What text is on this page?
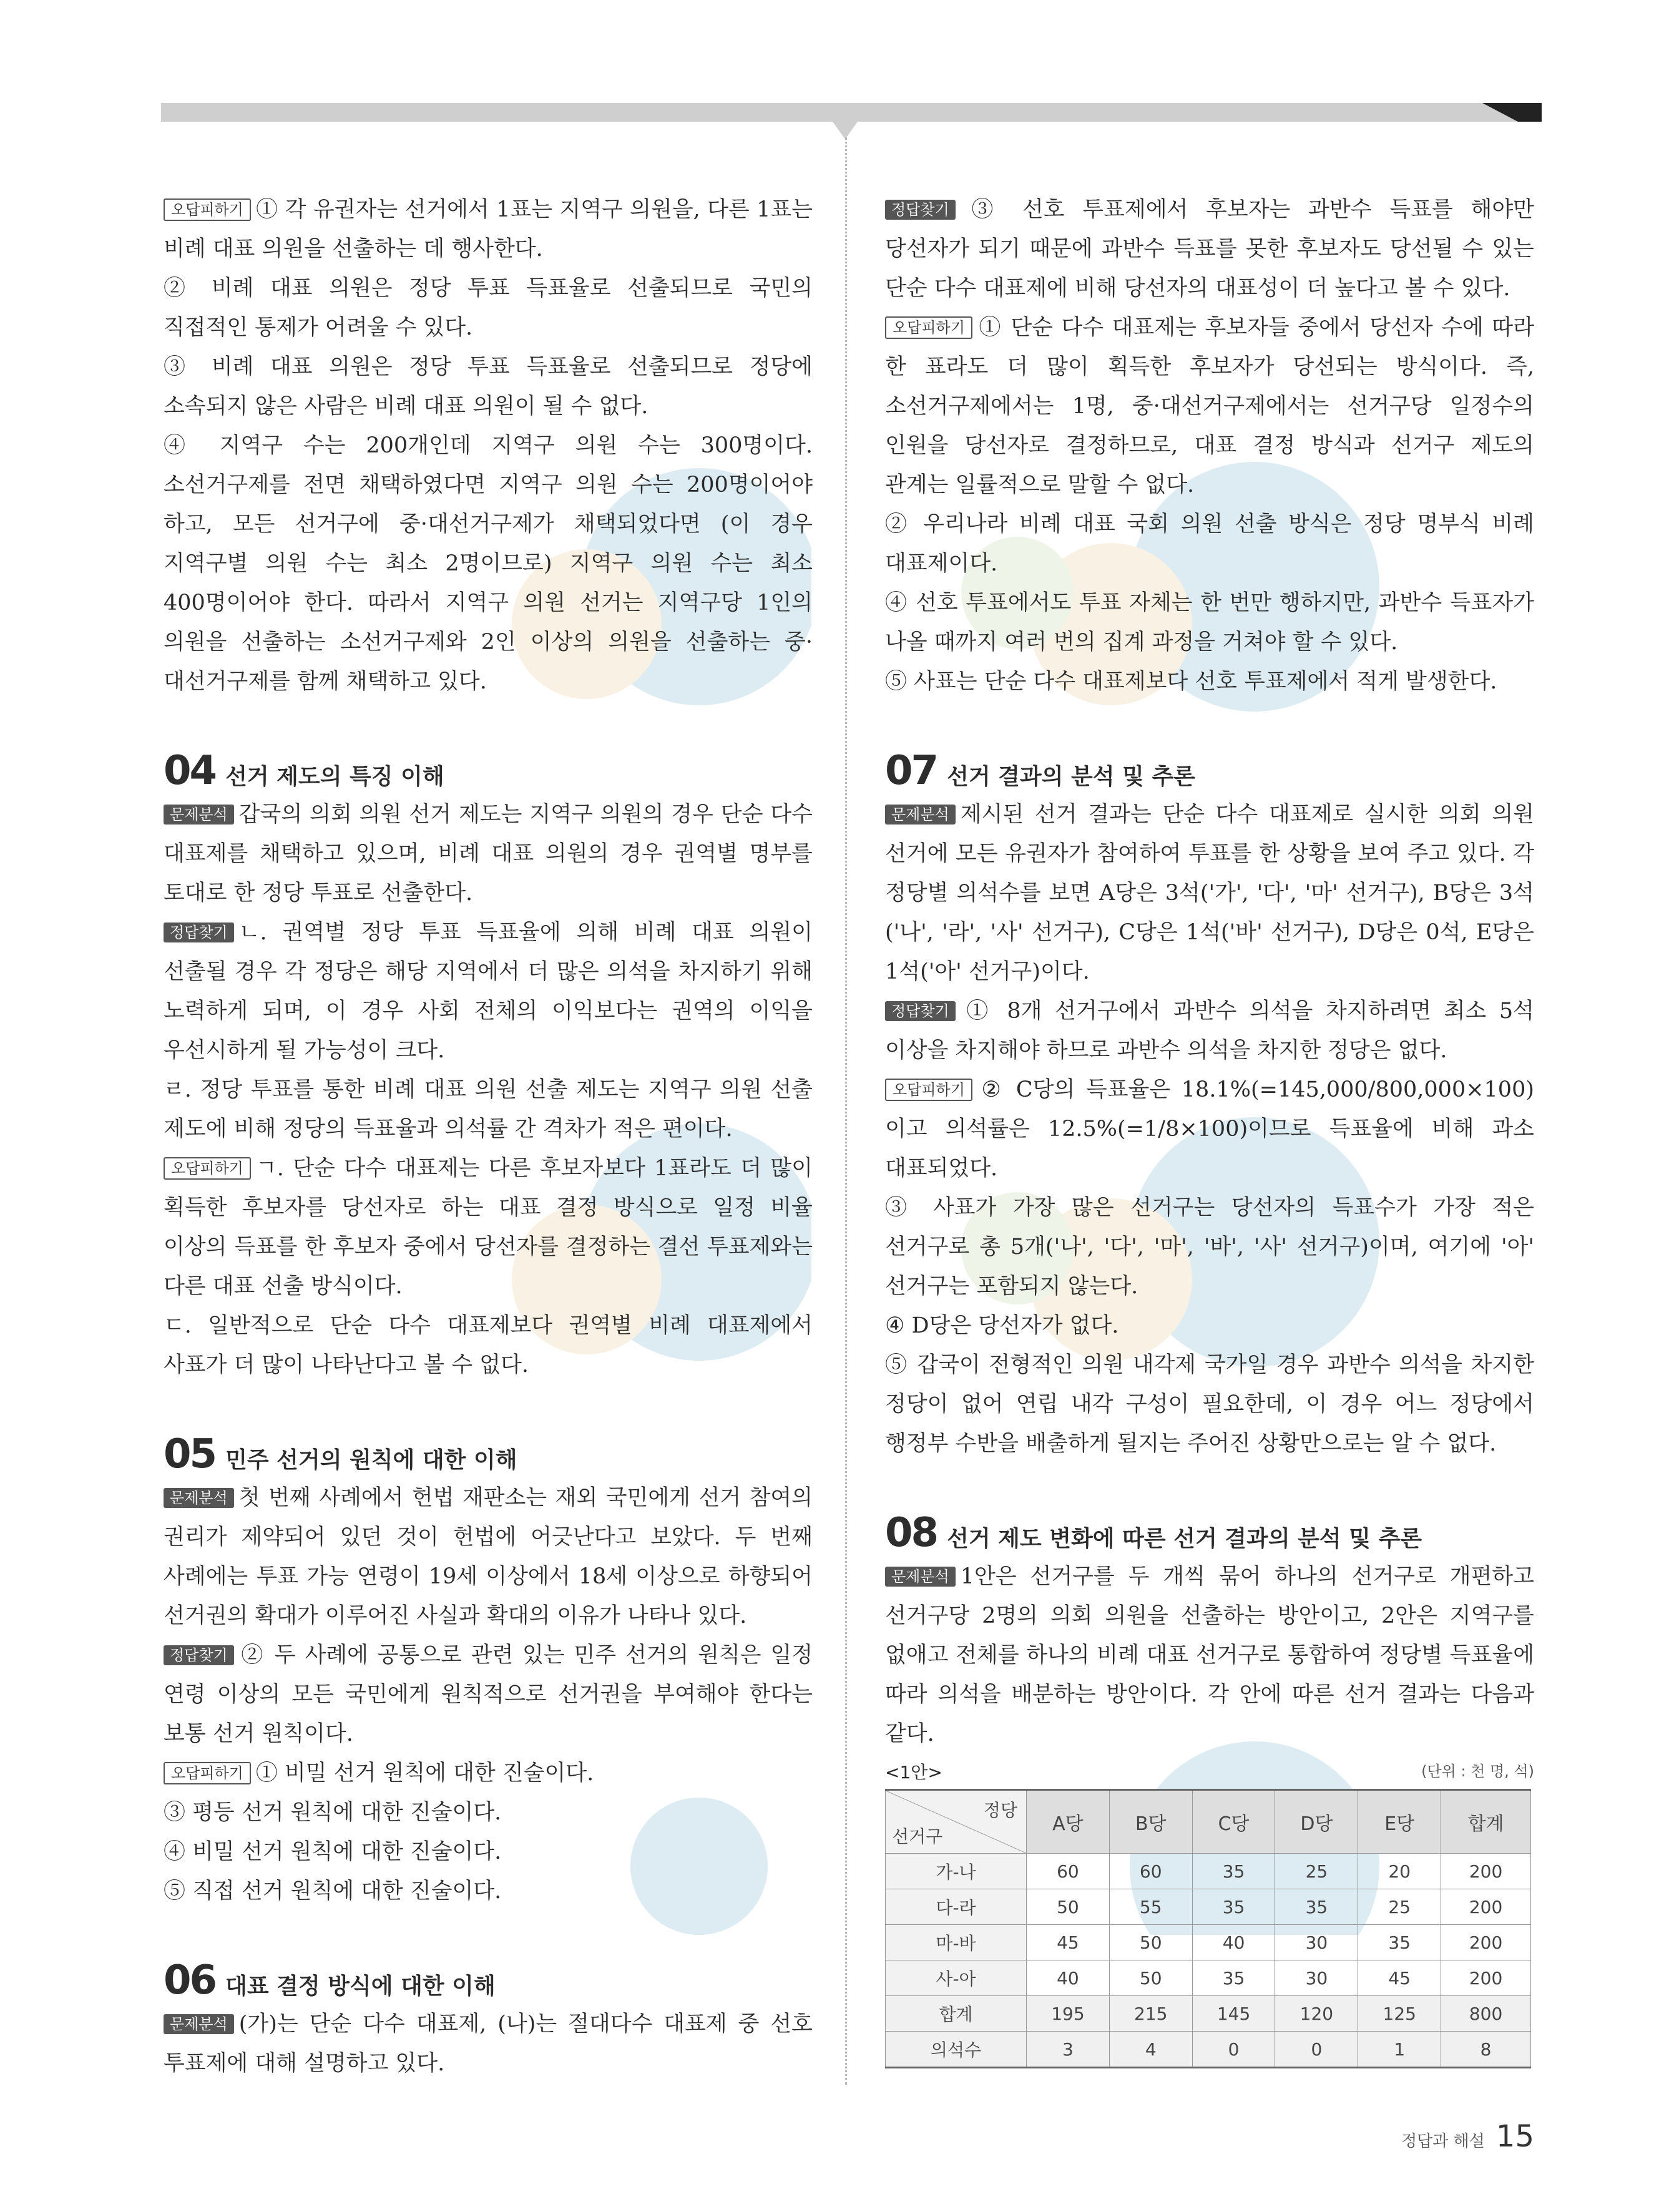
오답피하기 ① 각 유권자는 선거에서 1표는 지역구 의원을, 다른 1표는 비례 대표 의원을 선출하는 데 행사한다.

② 비례 대표 의원은 정당 투표 득표율로 선출되므로 국민의 직접적인 통제가 어려울 수 있다.

③ 비례 대표 의원은 정당 투표 득표율로 선출되므로 정당에 소속되지 않은 사람은 비례 대표 의원이 될 수 없다.

④ 지역구 수는 200개인데 지역구 의원 수는 300명이다. 소선거구제를 전면 채택하였다면 지역구 의원 수는 200명이어야 하고, 모든 선거구에 중·대선거구제가 채택되었다면 (이 경우 지역구별 의원 수는 최소 2명이므로) 지역구 의원 수는 최소 400명이어야 한다. 따라서 지역구 의원 선거는 지역구당 1인의 의원을 선출하는 소선거구제와 2인 이상의 의원을 선출하는 중·대선거구제를 함께 채택하고 있다.

04 선거 제도의 특징 이해

문제분석 갑국의 의회 의원 선거 제도는 지역구 의원의 경우 단순 다수 대표제를 채택하고 있으며, 비례 대표 의원의 경우 권역별 명부를 토대로 한 정당 투표로 선출한다.

정답찾기 ㄴ. 권역별 정당 투표 득표율에 의해 비례 대표 의원이 선출될 경우 각 정당은 해당 지역에서 더 많은 의석을 차지하기 위해 노력하게 되며, 이 경우 사회 전체의 이익보다는 권역의 이익을 우선시하게 될 가능성이 크다.

ㄹ. 정당 투표를 통한 비례 대표 의원 선출 제도는 지역구 의원 선출 제도에 비해 정당의 득표율과 의석률 간 격차가 적은 편이다.

오답피하기 ㄱ. 단순 다수 대표제는 다른 후보자보다 1표라도 더 많이 획득한 후보자를 당선자로 하는 대표 결정 방식으로 일정 비율 이상의 득표를 한 후보자 중에서 당선자를 결정하는 결선 투표제와는 다른 대표 선출 방식이다.

ㄷ. 일반적으로 단순 다수 대표제보다 권역별 비례 대표제에서 사표가 더 많이 나타난다고 볼 수 없다.

05 민주 선거의 원칙에 대한 이해

문제분석 첫 번째 사례에서 헌법 재판소는 재외 국민에게 선거 참여의 권리가 제약되어 있던 것이 헌법에 어긋난다고 보았다. 두 번째 사례에는 투표 가능 연령이 19세 이상에서 18세 이상으로 하향되어 선거권의 확대가 이루어진 사실과 확대의 이유가 나타나 있다.

정답찾기 ② 두 사례에 공통으로 관련 있는 민주 선거의 원칙은 일정 연령 이상의 모든 국민에게 원칙적으로 선거권을 부여해야 한다는 보통 선거 원칙이다.

오답피하기 ① 비밀 선거 원칙에 대한 진술이다.

③ 평등 선거 원칙에 대한 진술이다.

④ 비밀 선거 원칙에 대한 진술이다.

⑤ 직접 선거 원칙에 대한 진술이다.

06 대표 결정 방식에 대한 이해

문제분석 (가)는 단순 다수 대표제, (나)는 절대다수 대표제 중 선호 투표제에 대해 설명하고 있다.

정답찾기 ③ 선호 투표제에서 후보자는 과반수 득표를 해야만 당선자가 되기 때문에 과반수 득표를 못한 후보자도 당선될 수 있는 단순 다수 대표제에 비해 당선자의 대표성이 더 높다고 볼 수 있다.

오답피하기 ① 단순 다수 대표제는 후보자들 중에서 당선자 수에 따라 한 표라도 더 많이 획득한 후보자가 당선되는 방식이다. 즉, 소선거구제에서는 1명, 중·대선거구제에서는 선거구당 일정수의 인원을 당선자로 결정하므로, 대표 결정 방식과 선거구 제도의 관계는 일률적으로 말할 수 없다.

② 우리나라 비례 대표 국회 의원 선출 방식은 정당 명부식 비례 대표제이다.

④ 선호 투표에서도 투표 자체는 한 번만 행하지만, 과반수 득표자가 나올 때까지 여러 번의 집계 과정을 거쳐야 할 수 있다.

⑤ 사표는 단순 다수 대표제보다 선호 투표제에서 적게 발생한다.

07 선거 결과의 분석 및 추론

문제분석 제시된 선거 결과는 단순 다수 대표제로 실시한 의회 의원 선거에 모든 유권자가 참여하여 투표를 한 상황을 보여 주고 있다. 각 정당별 의석수를 보면 A당은 3석('가', '다', '마' 선거구), B당은 3석('나', '라', '사' 선거구), C당은 1석('바' 선거구), D당은 0석, E당은 1석('아' 선거구)이다.

정답찾기 ① 8개 선거구에서 과반수 의석을 차지하려면 최소 5석 이상을 차지해야 하므로 과반수 의석을 차지한 정당은 없다.

오답피하기 ② C당의 득표율은 18.1%(=145,000/800,000×100)이고 의석률은 12.5%(=1/8×100)이므로 득표율에 비해 과소 대표되었다.

③ 사표가 가장 많은 선거구는 당선자의 득표수가 가장 적은 선거구로 총 5개('나', '다', '마', '바', '사' 선거구)이며, 여기에 '아' 선거구는 포함되지 않는다.

④ D당은 당선자가 없다.

⑤ 갑국이 전형적인 의원 내각제 국가일 경우 과반수 의석을 차지한 정당이 없어 연립 내각 구성이 필요한데, 이 경우 어느 정당에서 행정부 수반을 배출하게 될지는 주어진 상황만으로는 알 수 없다.

08 선거 제도 변화에 따른 선거 결과의 분석 및 추론

문제분석 1안은 선거구를 두 개씩 묶어 하나의 선거구로 개편하고 선거구당 2명의 의회 의원을 선출하는 방안이고, 2안은 지역구를 없애고 전체를 하나의 비례 대표 선거구로 통합하여 정당별 득표율에 따라 의석을 배분하는 방안이다. 각 안에 따른 선거 결과는 다음과 같다.

<1안>	(단위 : 천 명, 석)
정당
선거구	A당	B당	C당	D당	E당	합계
가-나	60	60	35	25	20	200
다-라	50	55	35	35	25	200
마-바	45	50	40	30	35	200
사-아	40	50	35	30	45	200
합계	195	215	145	120	125	800
의석수	3	4	0	0	1	8
정답과 해설 15
